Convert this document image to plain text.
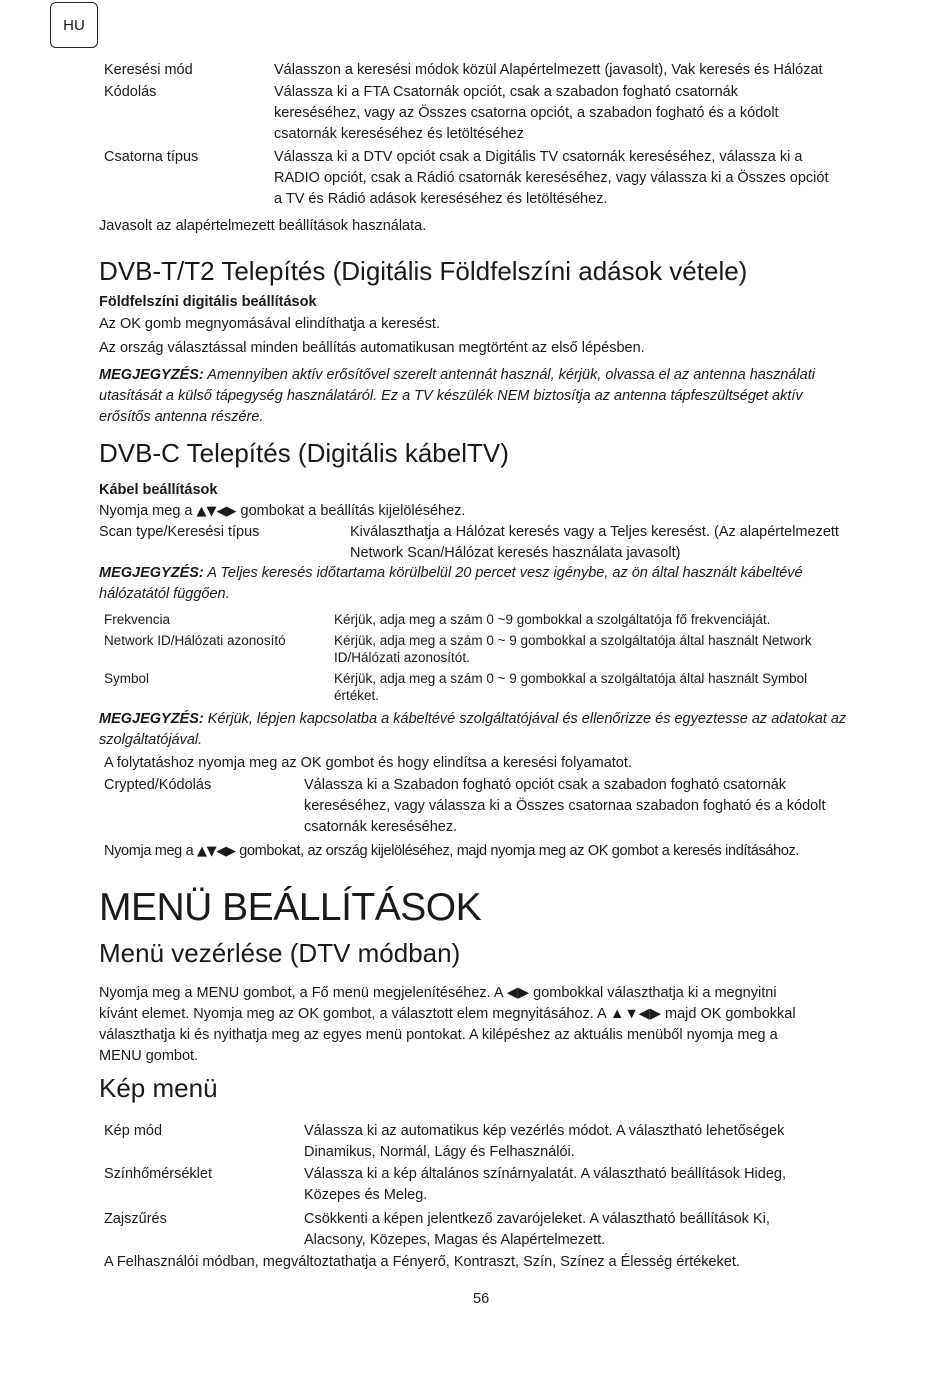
HU
Keresési mód	Válasszon a keresési módok közül Alapértelmezett (javasolt), Vak keresés és Hálózat
Kódolás	Válassza ki a FTA Csatornák opciót, csak a szabadon fogható csatornák
kereséséhez, vagy az Összes csatorna opciót, a szabadon fogható és a kódolt
csatornák kereséséhez és letöltéséhez
Csatorna típus	Válassza ki a DTV opciót csak a Digitális TV csatornák kereséséhez, válassza ki a
RADIO opciót, csak a Rádió csatornák kereséséhez, vagy válassza ki a Összes opciót
a TV és Rádió adások kereséséhez és letöltéséhez.
Javasolt az alapértelmezett beállítások használata.
DVB-T/T2 Telepítés (Digitális Földfelszíni adások vétele)
Földfelszíni digitális beállítások
Az OK gomb megnyomásával elindíthatja a keresést.
Az ország választással minden beállítás automatikusan megtörtént az első lépésben.
MEGJEGYZÉS: Amennyiben aktív erősítővel szerelt antennát használ, kérjük, olvassa el az antenna használati
utasítását a külső tápegység használatáról. Ez a TV készülék NEM biztosítja az antenna tápfeszültséget aktív
erősítős antenna részére.
DVB-C Telepítés (Digitális kábelTV)
Kábel beállítások
Nyomja meg a ▲▼◀▶ gombokat a beállítás kijelöléséhez.
Scan type/Keresési típus	Kiválaszthatja a Hálózat keresés vagy a Teljes keresést. (Az alapértelmezett
Network Scan/Hálózat keresés használata javasolt)
MEGJEGYZÉS: A Teljes keresés időtartama körülbelül 20 percet vesz igénybe, az ön által használt kábeltévé
hálózatától függően.
Frekvencia	Kérjük, adja meg a szám 0 ~9 gombokkal a szolgáltatója fő frekvenciáját.
Network ID/Hálózati azonosító	Kérjük, adja meg a szám 0 ~ 9 gombokkal a szolgáltatója által használt Network
ID/Hálózati azonosítót.
Symbol	Kérjük, adja meg a szám 0 ~ 9 gombokkal a szolgáltatója által használt Symbol
értéket.
MEGJEGYZÉS: Kérjük, lépjen kapcsolatba a kábeltévé szolgáltatójával és ellenőrizze és egyeztesse az adatokat az
szolgáltatójával.
A folytatáshoz nyomja meg az OK gombot és hogy elindítsa a keresési folyamatot.
Crypted/Kódolás	Válassza ki a Szabadon fogható opciót csak a szabadon fogható csatornák
kereséséhez, vagy válassza ki a Összes csatornaa szabadon fogható és a kódolt
csatornák kereséséhez.
Nyomja meg a ▲▼◀▶ gombokat, az ország kijelöléséhez, majd nyomja meg az OK gombot a keresés indításához.
MENÜ BEÁLLÍTÁSOK
Menü vezérlése (DTV módban)
Nyomja meg a MENU gombot, a Fő menü megjelenítéséhez. A ◀▶ gombokkal választhatja ki a megnyitni
kívánt elemet. Nyomja meg az OK gombot, a választott elem megnyitásához. A ▲▼◀▶ majd OK gombokkal
választhatja ki és nyithatja meg az egyes menü pontokat. A kilépéshez az aktuális menüből nyomja meg a
MENU gombot.
Kép menü
Kép mód	Válassza ki az automatikus kép vezérlés módot. A választható lehetőségek
Dinamikus, Normál, Lágy és Felhasználói.
Színhőmérséklet	Válassza ki a kép általános színárnyalatát. A választható beállítások Hideg,
Közepes és Meleg.
Zajszűrés	Csökkenti a képen jelentkező zavarójeleket. A választható beállítások Ki,
Alacsony, Közepes, Magas és Alapértelmezett.
A Felhasználói módban, megváltoztathatja a Fényerő, Kontraszt, Szín, Színez a Élesség értékeket.
56
